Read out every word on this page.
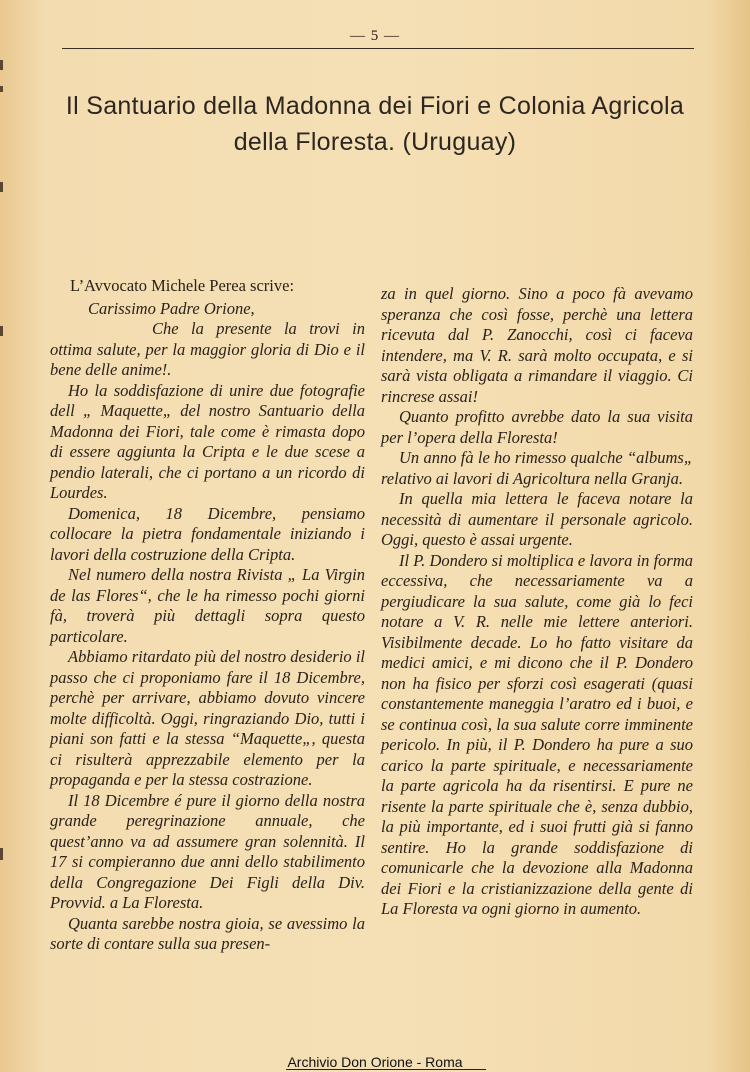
— 5 —
Il Santuario della Madonna dei Fiori e Colonia Agricola della Floresta. (Uruguay)

L’Avvocato Michele Perea scrive:

Carissimo Padre Orione,

Che la presente la trovi in ottima salute, per la maggior gloria di Dio e il bene delle anime!.

Ho la soddisfazione di unire due fotografie dell „ Maquette„ del nostro Santuario della Madonna dei Fiori, tale come è rimasta dopo di essere aggiunta la Cripta e le due scese a pendio laterali, che ci portano a un ricordo di Lourdes.

Domenica, 18 Dicembre, pensiamo collocare la pietra fondamentale iniziando i lavori della costruzione della Cripta.

Nel numero della nostra Rivista „ La Virgin de las Flores“, che le ha rimesso pochi giorni fà, troverà più dettagli sopra questo particolare.

Abbiamo ritardato più del nostro desiderio il passo che ci proponiamo fare il 18 Dicembre, perchè per arrivare, abbiamo dovuto vincere molte difficoltà. Oggi, ringraziando Dio, tutti i piani son fatti e la stessa “Maquette„, questa ci risulterà apprezzabile elemento per la propaganda e per la stessa costrazione.

Il 18 Dicembre é pure il giorno della nostra grande peregrinazione annuale, che quest’anno va ad assumere gran solennità. Il 17 si compieranno due anni dello stabilimento della Congregazione Dei Figli della Div. Provvid. a La Floresta.

Quanta sarebbe nostra gioia, se avessimo la sorte di contare sulla sua presen-

za in quel giorno. Sino a poco fà avevamo speranza che così fosse, perchè una lettera ricevuta dal P. Zanocchi, così ci faceva intendere, ma V. R. sarà molto occupata, e si sarà vista obligata a rimandare il viaggio. Ci rincrese assai!

Quanto profitto avrebbe dato la sua visita per l’opera della Floresta!

Un anno fà le ho rimesso qualche “albums„ relativo ai lavori di Agricoltura nella Granja.

In quella mia lettera le faceva notare la necessità di aumentare il personale agricolo. Oggi, questo è assai urgente.

Il P. Dondero si moltiplica e lavora in forma eccessiva, che necessariamente va a pergiudicare la sua salute, come già lo feci notare a V. R. nelle mie lettere anteriori. Visibilmente decade. Lo ho fatto visitare da medici amici, e mi dicono che il P. Dondero non ha fisico per sforzi così esagerati (quasi constantemente maneggia l’aratro ed i buoi, e se continua così, la sua salute corre imminente pericolo. In più, il P. Dondero ha pure a suo carico la parte spirituale, e necessariamente la parte agricola ha da risentirsi. E pure ne risente la parte spirituale che è, senza dubbio, la più importante, ed i suoi frutti già si fanno sentire. Ho la grande soddisfazione di comunicarle che la devozione alla Madonna dei Fiori e la cristianizzazione della gente di La Floresta va ogni giorno in aumento.

Archivio Don Orione - Roma
